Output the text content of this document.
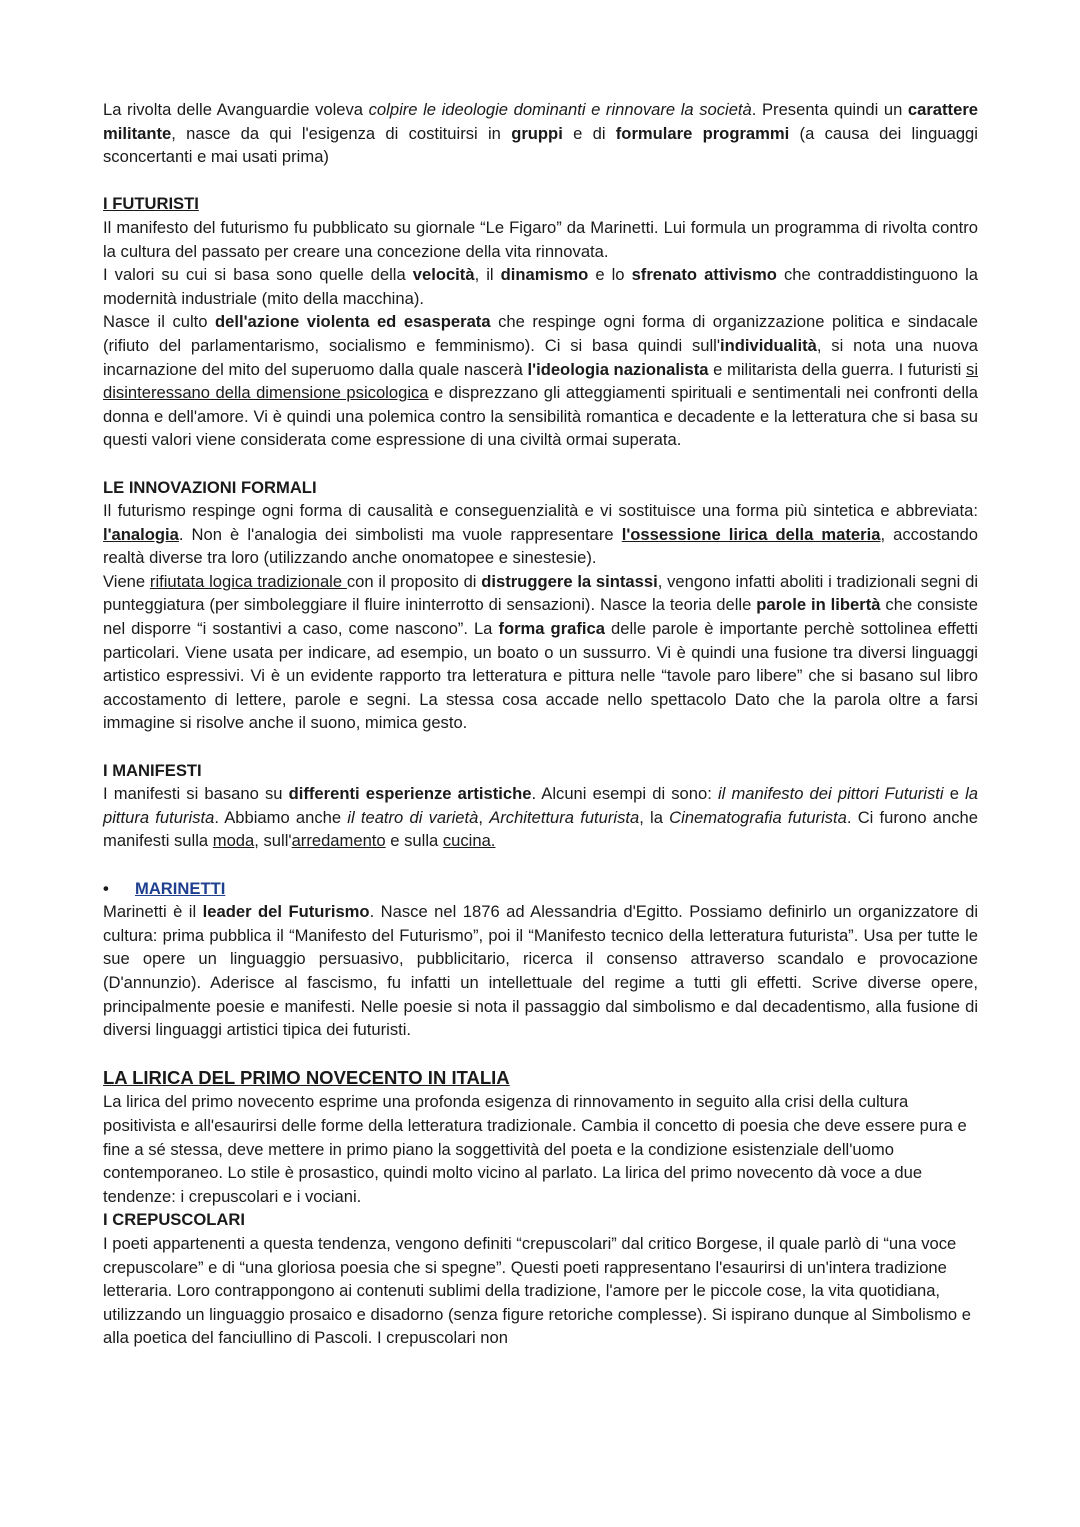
La rivolta delle Avanguardie voleva colpire le ideologie dominanti e rinnovare la società. Presenta quindi un carattere militante, nasce da qui l'esigenza di costituirsi in gruppi e di formulare programmi (a causa dei linguaggi sconcertanti e mai usati prima)

I FUTURISTI

Il manifesto del futurismo fu pubblicato su giornale “Le Figaro” da Marinetti. Lui formula un programma di rivolta contro la cultura del passato per creare una concezione della vita rinnovata.

I valori su cui si basa sono quelle della velocità, il dinamismo e lo sfrenato attivismo che contraddistinguono la modernità industriale (mito della macchina).

Nasce il culto dell'azione violenta ed esasperata che respinge ogni forma di organizzazione politica e sindacale (rifiuto del parlamentarismo, socialismo e femminismo). Ci si basa quindi sull'individualità, si nota una nuova incarnazione del mito del superuomo dalla quale nascerà l'ideologia nazionalista e militarista della guerra. I futuristi si disinteressano della dimensione psicologica e disprezzano gli atteggiamenti spirituali e sentimentali nei confronti della donna e dell'amore. Vi è quindi una polemica contro la sensibilità romantica e decadente e la letteratura che si basa su questi valori viene considerata come espressione di una civiltà ormai superata.

LE INNOVAZIONI FORMALI

Il futurismo respinge ogni forma di causalità e conseguenzialità e vi sostituisce una forma più sintetica e abbreviata: l'analogia. Non è l'analogia dei simbolisti ma vuole rappresentare l'ossessione lirica della materia, accostando realtà diverse tra loro (utilizzando anche onomatopee e sinestesie).

Viene rifiutata logica tradizionale con il proposito di distruggere la sintassi, vengono infatti aboliti i tradizionali segni di punteggiatura (per simboleggiare il fluire ininterrotto di sensazioni). Nasce la teoria delle parole in libertà che consiste nel disporre “i sostantivi a caso, come nascono”. La forma grafica delle parole è importante perchè sottolinea effetti particolari. Viene usata per indicare, ad esempio, un boato o un sussurro. Vi è quindi una fusione tra diversi linguaggi artistico espressivi. Vi è un evidente rapporto tra letteratura e pittura nelle “tavole paro libere” che si basano sul libro accostamento di lettere, parole e segni. La stessa cosa accade nello spettacolo Dato che la parola oltre a farsi immagine si risolve anche il suono, mimica gesto.

I MANIFESTI

I manifesti si basano su differenti esperienze artistiche. Alcuni esempi di sono: il manifesto dei pittori Futuristi e la pittura futurista. Abbiamo anche il teatro di varietà, Architettura futurista, la Cinematografia futurista. Ci furono anche manifesti sulla moda, sull'arredamento e sulla cucina.

•	MARINETTI

Marinetti è il leader del Futurismo. Nasce nel 1876 ad Alessandria d'Egitto. Possiamo definirlo un organizzatore di cultura: prima pubblica il “Manifesto del Futurismo”, poi il “Manifesto tecnico della letteratura futurista”. Usa per tutte le sue opere un linguaggio persuasivo, pubblicitario, ricerca il consenso attraverso scandalo e provocazione (D'annunzio). Aderisce al fascismo, fu infatti un intellettuale del regime a tutti gli effetti. Scrive diverse opere, principalmente poesie e manifesti. Nelle poesie si nota il passaggio dal simbolismo e dal decadentismo, alla fusione di diversi linguaggi artistici tipica dei futuristi.

LA LIRICA DEL PRIMO NOVECENTO IN ITALIA

La lirica del primo novecento esprime una profonda esigenza di rinnovamento in seguito alla crisi della cultura positivista e all'esaurirsi delle forme della letteratura tradizionale. Cambia il concetto di poesia che deve essere pura e fine a sé stessa, deve mettere in primo piano la soggettività del poeta e la condizione esistenziale dell'uomo contemporaneo. Lo stile è prosastico, quindi molto vicino al parlato. La lirica del primo novecento dà voce a due tendenze: i crepuscolari e i vociani.

I CREPUSCOLARI

I poeti appartenenti a questa tendenza, vengono definiti “crepuscolari” dal critico Borgese, il quale parlò di “una voce crepuscolare” e di “una gloriosa poesia che si spegne”. Questi poeti rappresentano l'esaurirsi di un'intera tradizione letteraria. Loro contrappongono ai contenuti sublimi della tradizione, l'amore per le piccole cose, la vita quotidiana, utilizzando un linguaggio prosaico e disadorno (senza figure retoriche complesse). Si ispirano dunque al Simbolismo e alla poetica del fanciullino di Pascoli. I crepuscolari non
